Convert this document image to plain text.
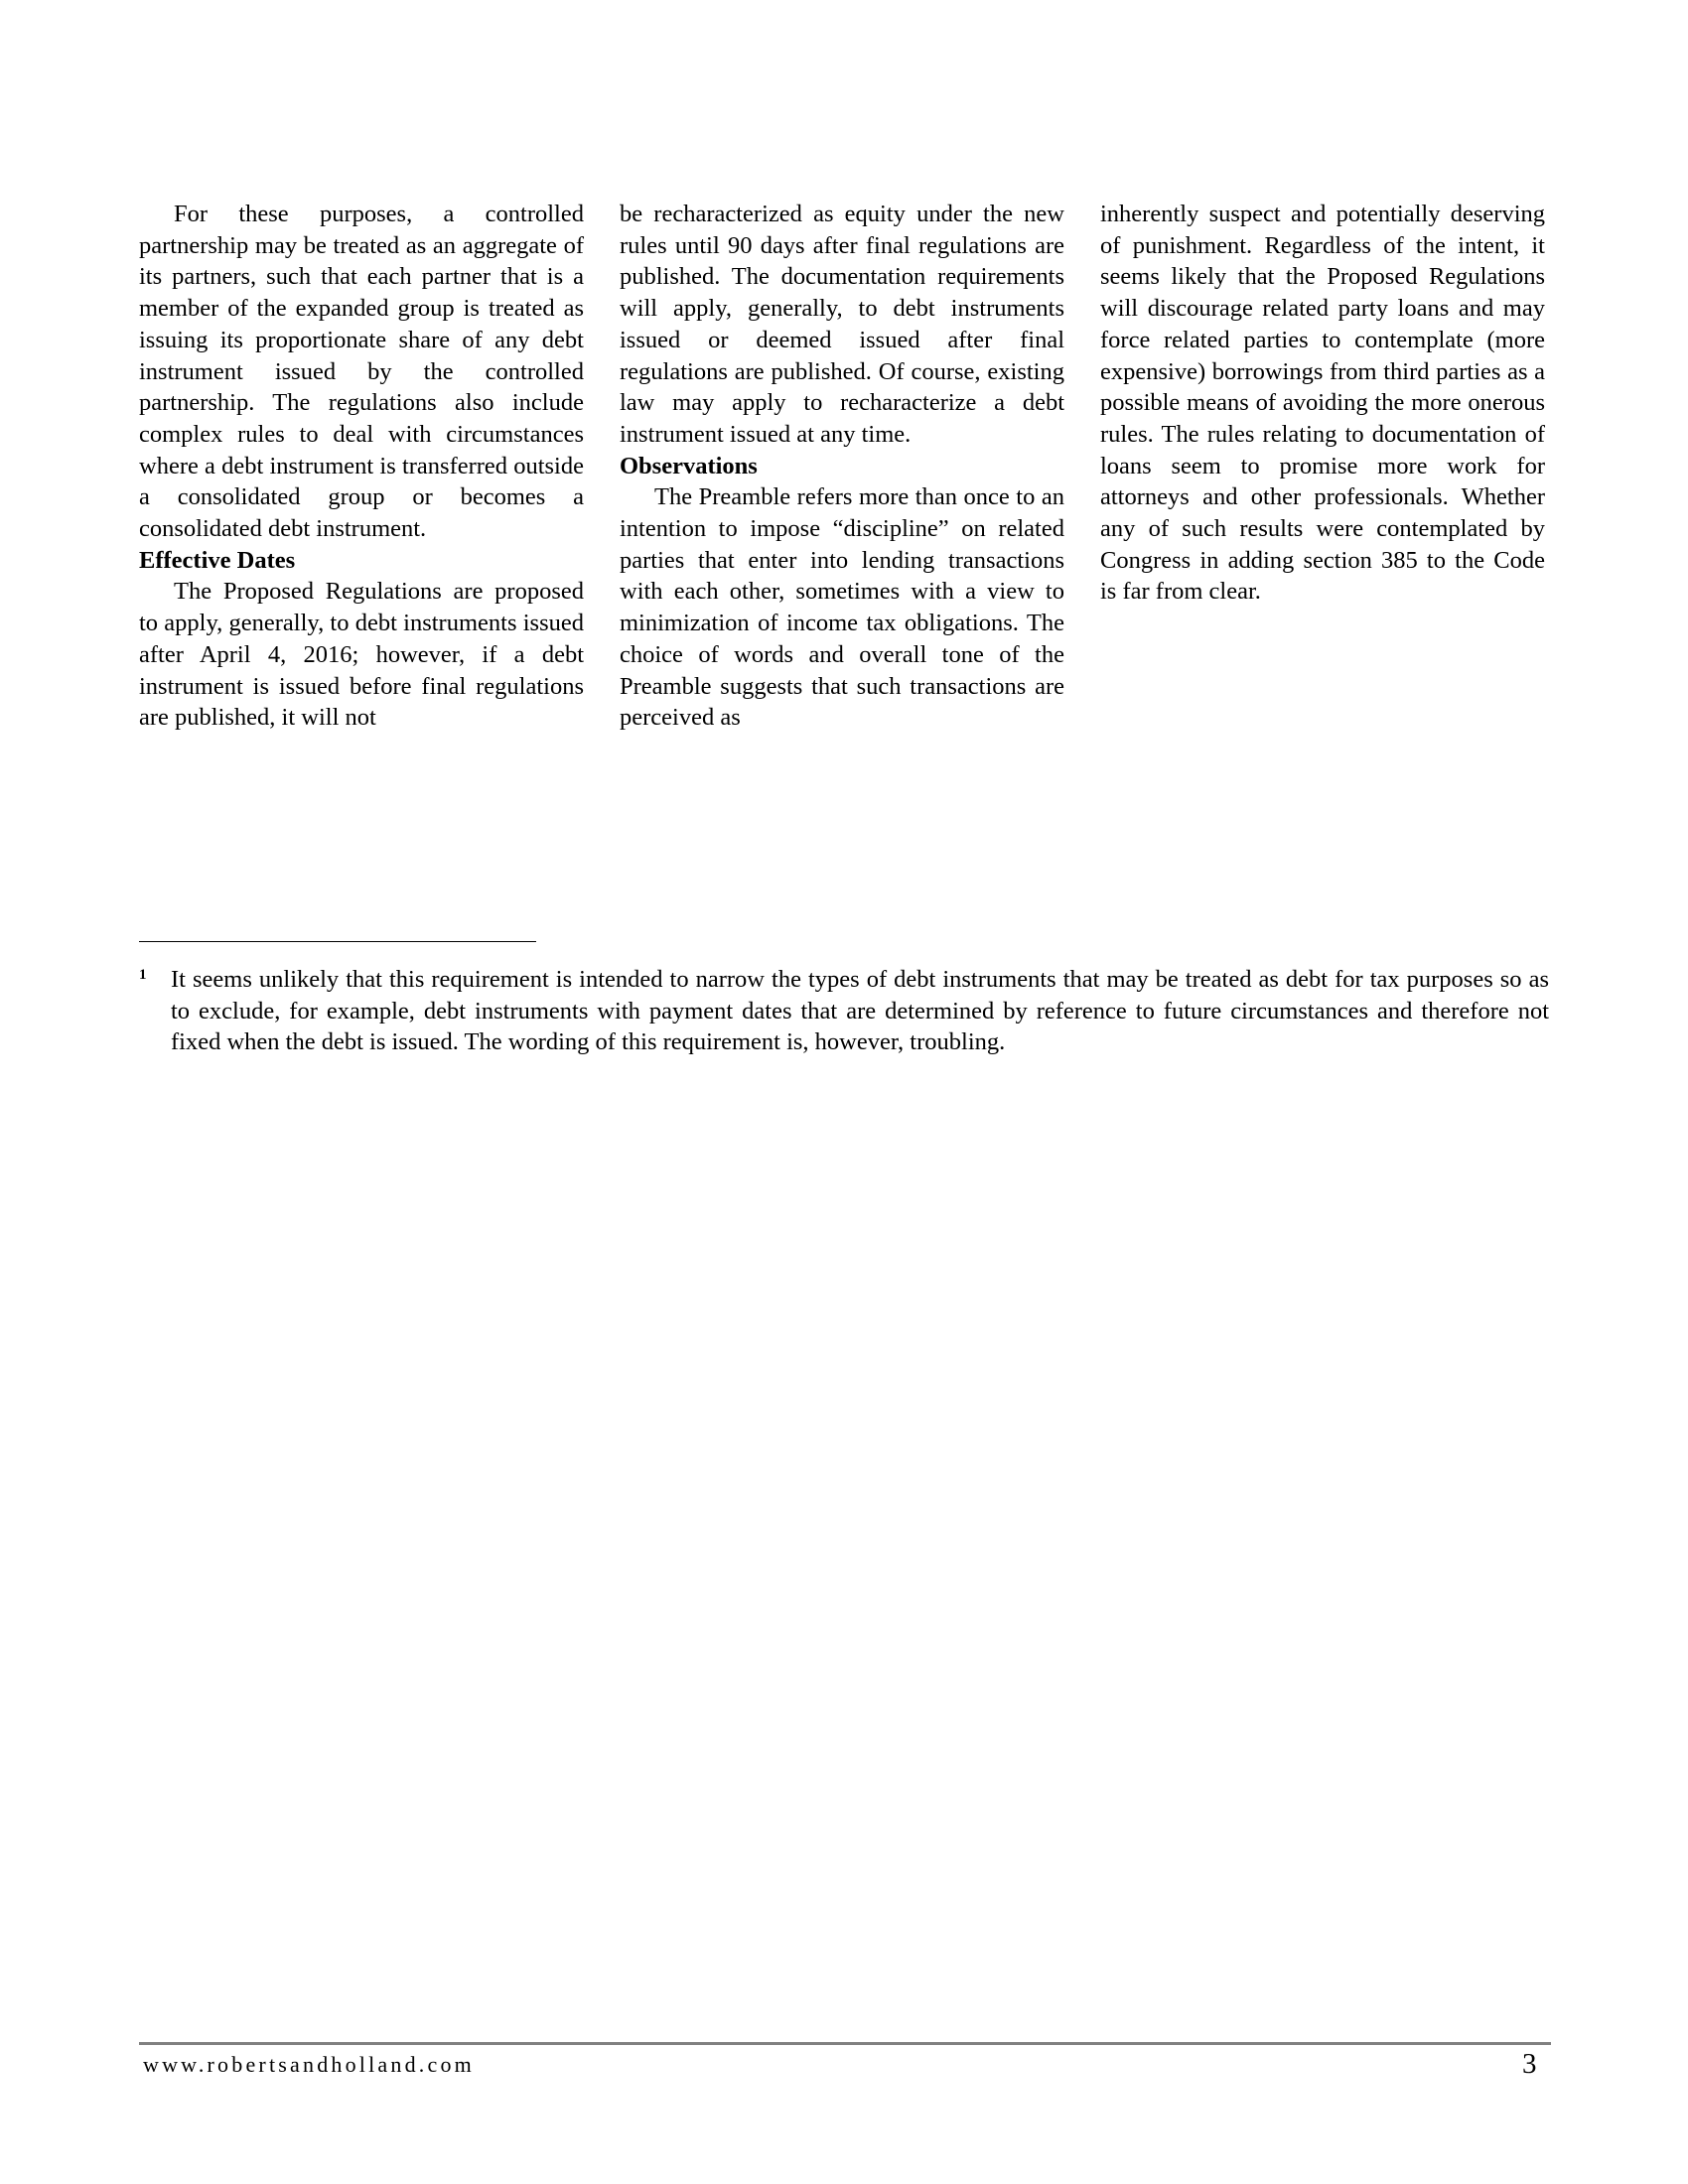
For these purposes, a controlled partnership may be treated as an aggregate of its partners, such that each partner that is a member of the expanded group is treated as issuing its proportionate share of any debt instrument issued by the controlled partnership. The regulations also include complex rules to deal with circumstances where a debt instrument is transferred outside a consolidated group or becomes a consolidated debt instrument.

Effective Dates

The Proposed Regulations are proposed to apply, generally, to debt instruments issued after April 4, 2016; however, if a debt instrument is issued before final regulations are published, it will not

be recharacterized as equity under the new rules until 90 days after final regulations are published. The documentation requirements will apply, generally, to debt instruments issued or deemed issued after final regulations are published. Of course, existing law may apply to recharacterize a debt instrument issued at any time.

Observations

The Preamble refers more than once to an intention to impose “discipline” on related parties that enter into lending transactions with each other, sometimes with a view to minimization of income tax obligations. The choice of words and overall tone of the Preamble suggests that such transactions are perceived as

inherently suspect and potentially deserving of punishment. Regardless of the intent, it seems likely that the Proposed Regulations will discourage related party loans and may force related parties to contemplate (more expensive) borrowings from third parties as a possible means of avoiding the more onerous rules. The rules relating to documentation of loans seem to promise more work for attorneys and other professionals. Whether any of such results were contemplated by Congress in adding section 385 to the Code is far from clear.

1 It seems unlikely that this requirement is intended to narrow the types of debt instruments that may be treated as debt for tax purposes so as to exclude, for example, debt instruments with payment dates that are determined by reference to future circumstances and therefore not fixed when the debt is issued. The wording of this requirement is, however, troubling.

www.robertsandholland.com	3
